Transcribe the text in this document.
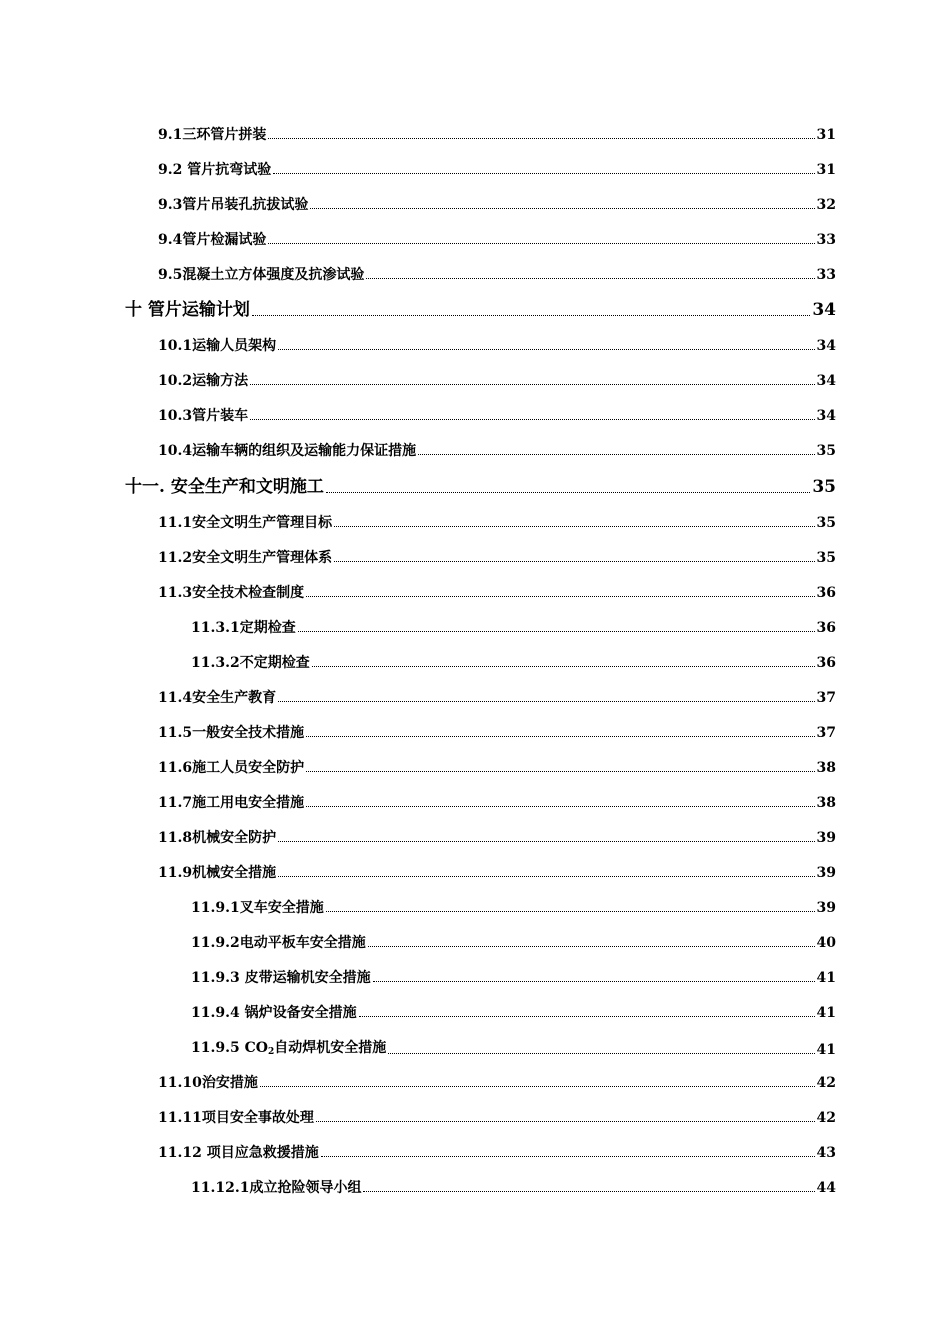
9.1三环管片拼装	31
9.2 管片抗弯试验	31
9.3管片吊装孔抗拔试验	32
9.4管片检漏试验	33
9.5混凝土立方体强度及抗渗试验	33
十 管片运输计划	34
10.1运输人员架构	34
10.2运输方法	34
10.3管片装车	34
10.4运输车辆的组织及运输能力保证措施	35
十一. 安全生产和文明施工	35
11.1安全文明生产管理目标	35
11.2安全文明生产管理体系	35
11.3安全技术检查制度	36
11.3.1定期检查	36
11.3.2不定期检查	36
11.4安全生产教育	37
11.5一般安全技术措施	37
11.6施工人员安全防护	38
11.7施工用电安全措施	38
11.8机械安全防护	39
11.9机械安全措施	39
11.9.1叉车安全措施	39
11.9.2电动平板车安全措施	40
11.9.3 皮带运输机安全措施	41
11.9.4 锅炉设备安全措施	41
11.9.5 $CO_2$自动焊机安全措施	41
11.10治安措施	42
11.11项目安全事故处理	42
11.12 项目应急救援措施	43
11.12.1成立抢险领导小组	44
